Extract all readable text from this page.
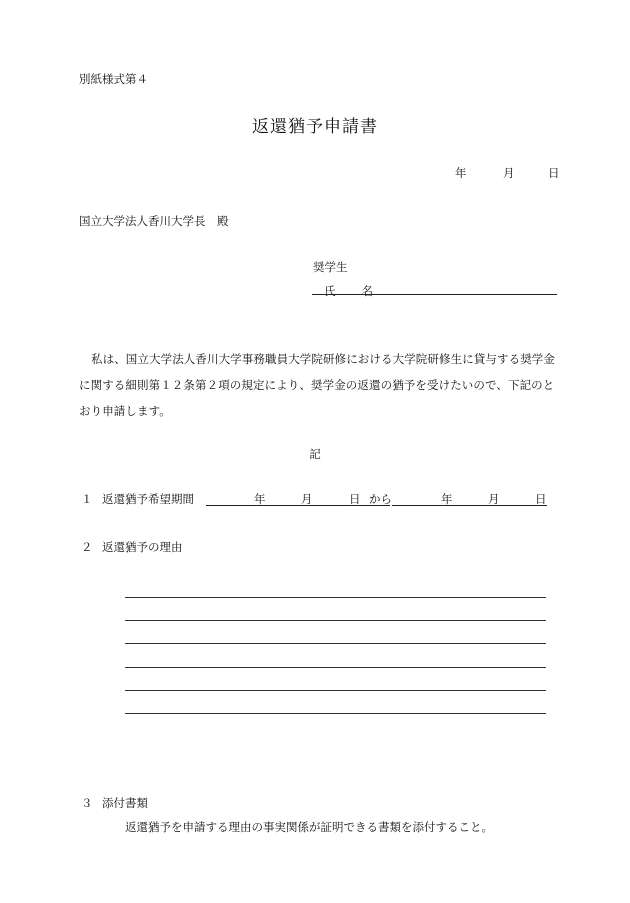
別紙様式第４
返還猶予申請書
年	月	日
国立大学法人香川大学長　殿
奨学生
氏 名
私は、国立大学法人香川大学事務職員大学院研修における大学院研修生に貸与する奨学金に関する細則第１２条第２項の規定により、奨学金の返還の猶予を受けたいので、下記のとおり申請します。
記
１ 返還猶予希望期間	年	月	日 から	年	月	日
２ 返還猶予の理由
３ 添付書類
返還猶予を申請する理由の事実関係が証明できる書類を添付すること。
